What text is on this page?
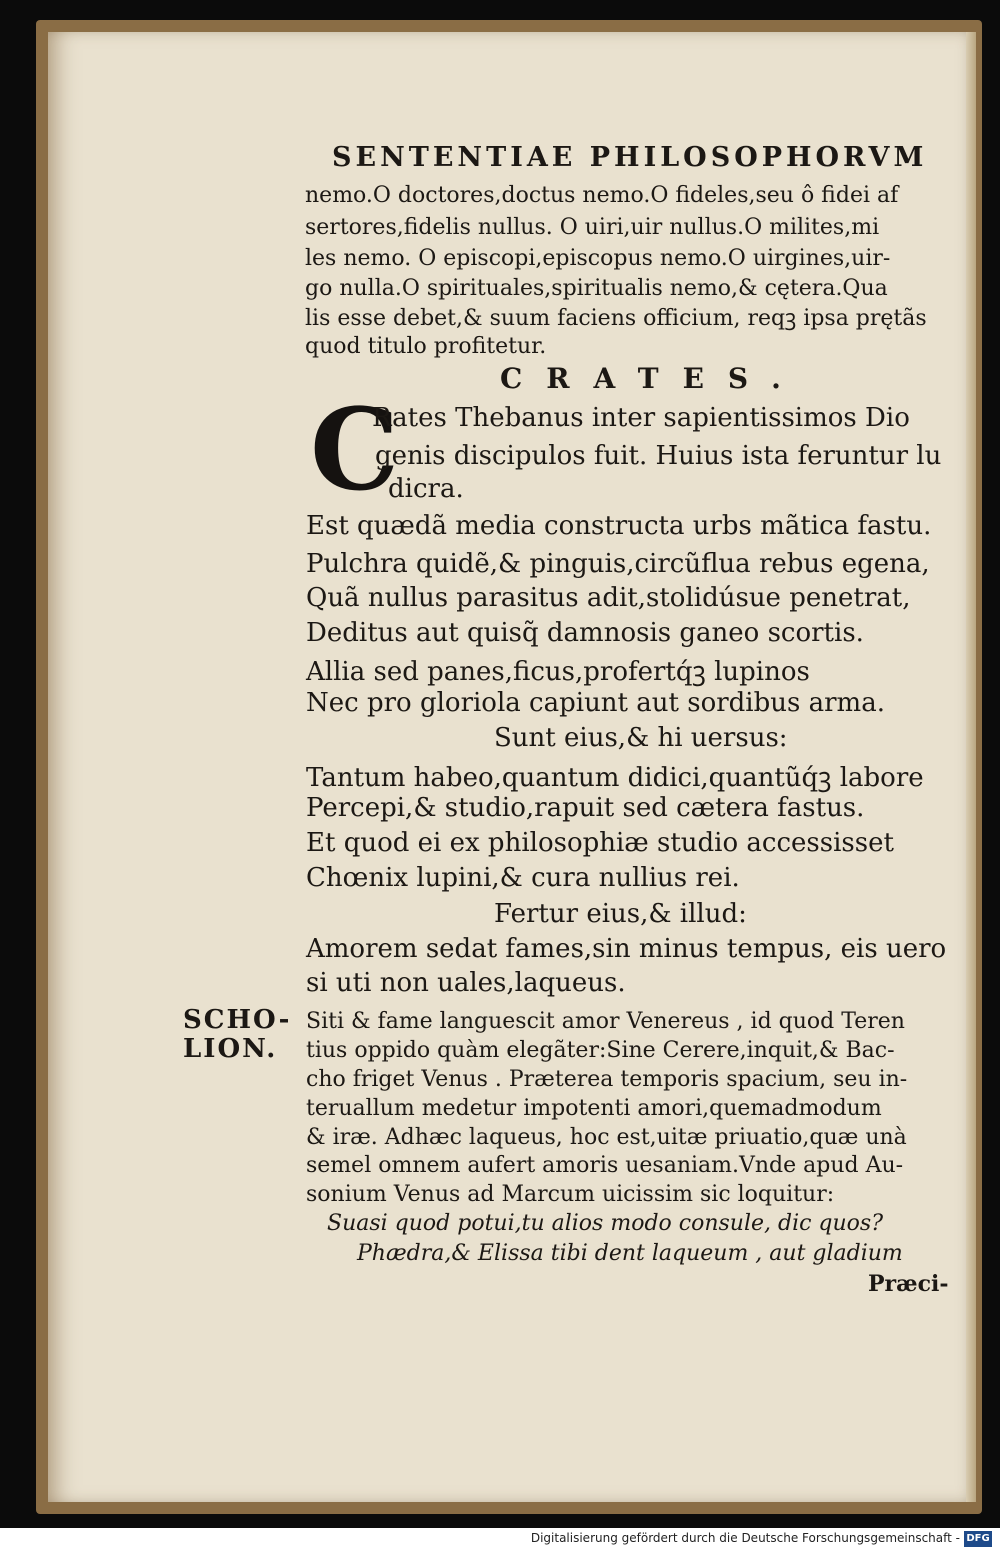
SENTENTIAE PHILOSOPHORVM
nemo.O doctores,doctus nemo.O fideles,seu ô fidei af
sertores,fidelis nullus. O uiri,uir nullus.O milites,mi
les nemo. O episcopi,episcopus nemo.O uirgines,uir-
go nulla.O spirituales,spiritualis nemo,& cętera.Qua
lis esse debet,& suum faciens officium, reqꝫ ipsa prętãs
quod titulo profitetur.
CRATES.
C
Rates Thebanus inter sapientissimos Dio
genis discipulos fuit. Huius ista feruntur lu
dicra.
Est quædã media constructa urbs mãtica fastu.
Pulchra quidẽ,& pinguis,circũflua rebus egena,
Quã nullus parasitus adit,stolidúsue penetrat,
Deditus aut quisq̃ damnosis ganeo scortis.
Allia sed panes,ficus,profertq́ꝫ lupinos
Nec pro gloriola capiunt aut sordibus arma.
Sunt eius,& hi uersus:
Tantum habeo,quantum didici,quantũq́ꝫ labore
Percepi,& studio,rapuit sed cætera fastus.
Et quod ei ex philosophiæ studio accessisset
Chœnix lupini,& cura nullius rei.
Fertur eius,& illud:
Amorem sedat fames,sin minus tempus, eis uero
si uti non uales,laqueus.
SCHO-
LION.
Siti & fame languescit amor Venereus , id quod Teren
tius oppido quàm elegãter:Sine Cerere,inquit,& Bac-
cho friget Venus . Præterea temporis spacium, seu in-
teruallum medetur impotenti amori,quemadmodum
& iræ. Adhæc laqueus, hoc est,uitæ priuatio,quæ unà
semel omnem aufert amoris uesaniam.Vnde apud Au-
sonium Venus ad Marcum uicissim sic loquitur:
Suasi quod potui,tu alios modo consule, dic quos?
Phædra,& Elissa tibi dent laqueum , aut gladium
Præci-
Digitalisierung gefördert durch die Deutsche Forschungsgemeinschaft - DFG
